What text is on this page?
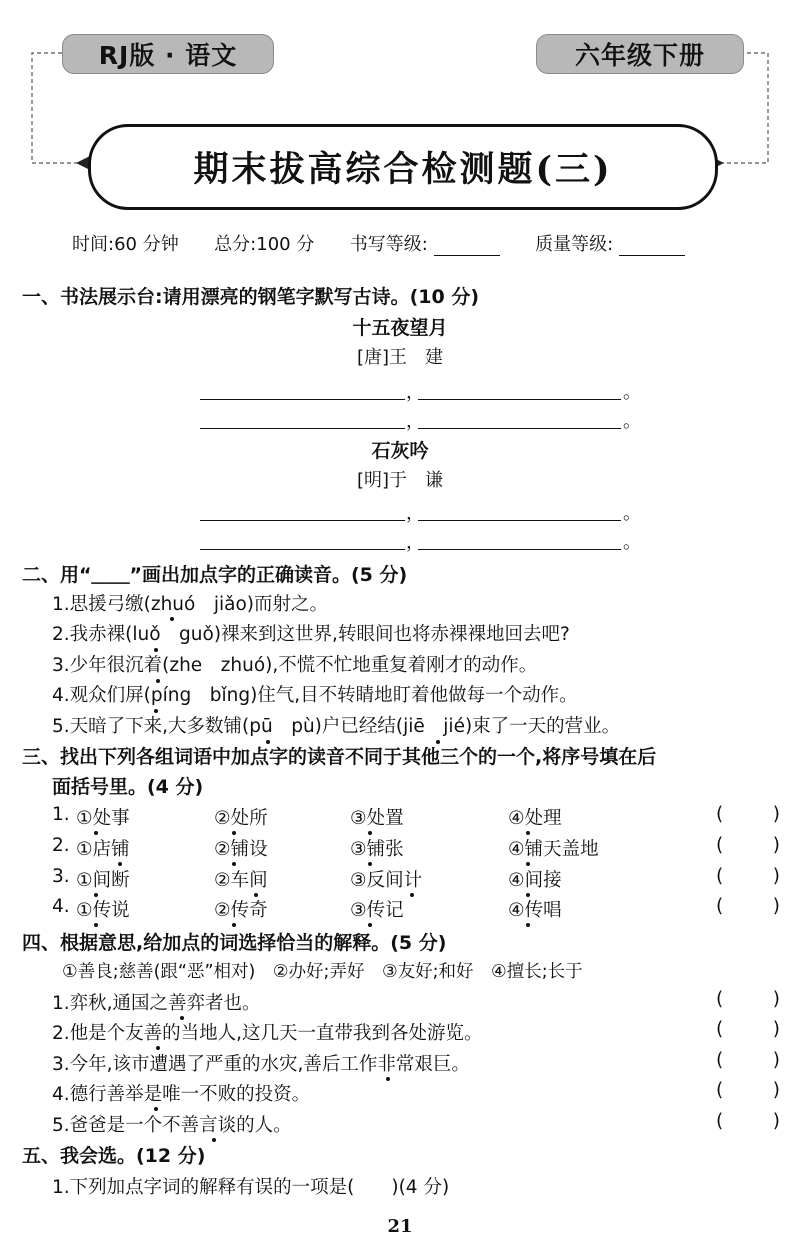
RJ版 · 语文	六年级下册
期末拔高综合检测题(三)
时间:60 分钟 总分:100 分 书写等级:	质量等级:
一、书法展示台:请用漂亮的钢笔字默写古诗。(10 分)
十五夜望月
[唐]王　建
，	。
，	。
石灰吟
[明]于　谦
，	。
，	。
二、用“＿＿”画出加点字的正确读音。(5 分)
1.思援弓缴(zhuó　jiǎo)而射之。
2.我赤裸(luǒ　guǒ)裸来到这世界,转眼间也将赤裸裸地回去吧?
3.少年很沉着(zhe　zhuó),不慌不忙地重复着刚才的动作。
4.观众们屏(píng　bǐng)住气,目不转睛地盯着他做每一个动作。
5.天暗了下来,大多数铺(pū　pù)户已经结(jiē　jié)束了一天的营业。
三、找出下列各组词语中加点字的读音不同于其他三个的一个,将序号填在后
面括号里。(4 分)
1. ①处事	②处所	③处置	④处理	(	)
2. ①店铺	②铺设	③铺张	④铺天盖地	(	)
3. ①间断	②车间	③反间计	④间接	(	)
4. ①传说	②传奇	③传记	④传唱	(	)
四、根据意思,给加点的词选择恰当的解释。(5 分)
①善良;慈善(跟“恶”相对)　②办好;弄好　③友好;和好　④擅长;长于
1.弈秋,通国之善弈者也。	(	)
2.他是个友善的当地人,这几天一直带我到各处游览。	(	)
3.今年,该市遭遇了严重的水灾,善后工作非常艰巨。	(	)
4.德行善举是唯一不败的投资。	(	)
5.爸爸是一个不善言谈的人。	(	)
五、我会选。(12 分)
1.下列加点字词的解释有误的一项是(　　)(4 分)
21
